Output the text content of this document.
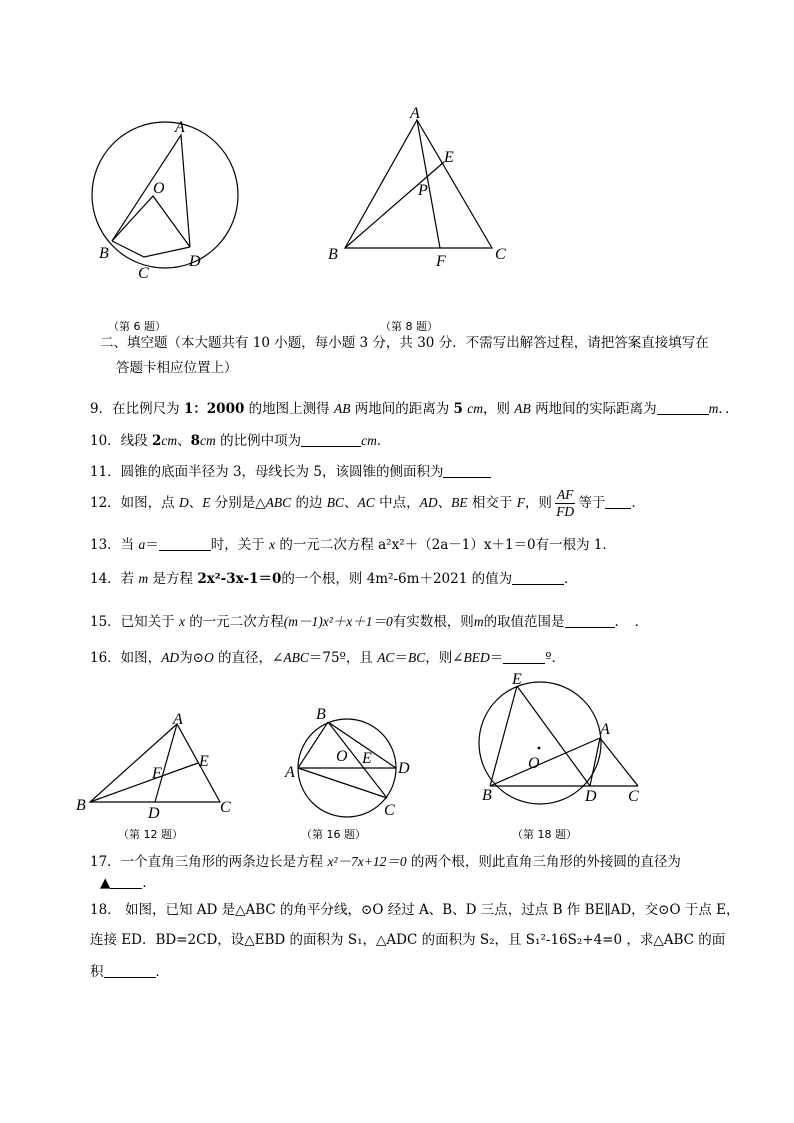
A
O
B
C
D
（第 6 题）
A
E
P
B	F	C
（第 8 题）
二、填空题（本大题共有 10 小题，每小题 3 分，共 30 分．不需写出解答过程，请把答案直接填写在
答题卡相应位置上）
9．在比例尺为 1：2000 的地图上测得 AB 两地间的距离为 5 cm，则 AB 两地间的实际距离为	m．．
10．线段 2cm、8cm 的比例中项为	cm．
11．圆锥的底面半径为 3，母线长为 5，该圆锥的侧面积为
12．如图，点 D、E 分别是△ABC 的边 BC、AC 中点，AD、BE 相交于 F，则 $\frac{AF}{FD}$ 等于 ．
13．当 a＝	时，关于 x 的一元二次方程 a²x²＋（2a－1）x＋1＝0有一根为 1．
14．若 m 是方程 2x²-3x-1＝0的一个根，则 4m²-6m＋2021 的值为	．
15．已知关于 x 的一元二次方程(m－1)x²＋x＋1＝0有实数根，则m的取值范围是	．　．
16．如图，AD为⊙O 的直径，∠ABC＝75º，且 AC＝BC，则∠BED＝	º．
A
E
F
B	D	C
（第 12 题）
B
O E
A	D
C
（第 16 题）
E
A
O
B	D C
（第 18 题）
17．一个直角三角形的两条边长是方程 x²－7x+12＝0 的两个根，则此直角三角形的外接圆的直径为
▲ ．
18． 如图，已知 AD 是△ABC 的角平分线，⊙O 经过 A、B、D 三点，过点 B 作 BE∥AD，交⊙O 于点 E，
连接 ED．BD=2CD，设△EBD 的面积为 S₁，△ADC 的面积为 S₂，且 S₁²-16S₂+4=0 ，求△ABC 的面
积	．
